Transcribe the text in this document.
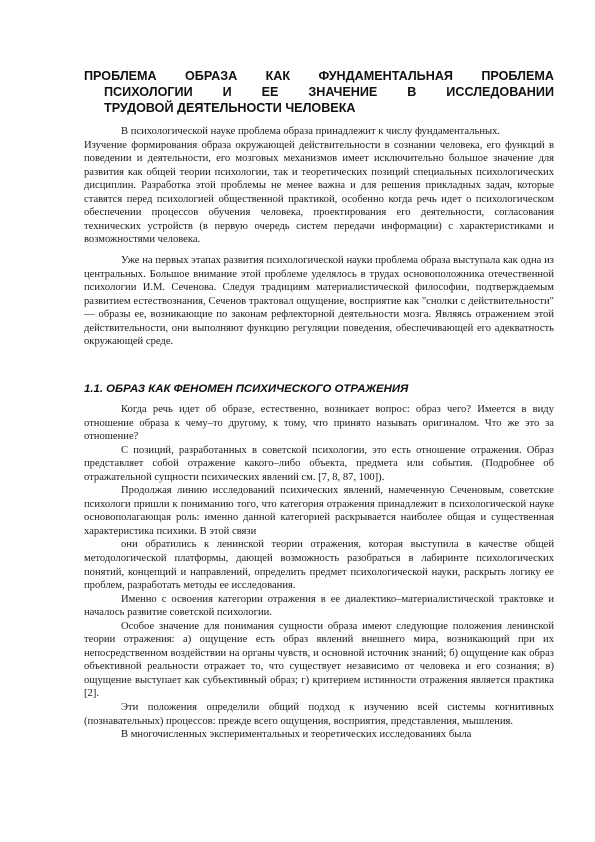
ПРОБЛЕМА ОБРАЗА КАК ФУНДАМЕНТАЛЬНАЯ ПРОБЛЕМА
ПСИХОЛОГИИ И ЕЕ ЗНАЧЕНИЕ В ИССЛЕДОВАНИИ
ТРУДОВОЙ ДЕЯТЕЛЬНОСТИ ЧЕЛОВЕКА

В психологической науке проблема образа принадлежит к числу фундаментальных.

Изучение формирования образа окружающей действительности в сознании человека, его функций в поведении и деятельности, его мозговых механизмов имеет исключительно большое значение для развития как общей теории психологии, так и теоретических позиций специальных психологических дисциплин. Разработка этой проблемы не менее важна и для решения прикладных задач, которые ставятся перед психологией общественной практикой, особенно когда речь идет о психологическом обеспечении процессов обучения человека, проектирования его деятельности, согласования технических устройств (в первую очередь систем передачи информации) с характеристиками и возможностями человека.

Уже на первых этапах развития психологической науки проблема образа выступала как одна из центральных. Большое внимание этой проблеме уделялось в трудах основоположника отечественной психологии И.М. Сеченова. Следуя традициям материалистической философии, подтверждаемым развитием естествознания, Сеченов трактовал ощущение, восприятие как "снолки с действительности" — образы ее, возникающие по законам рефлекторной деятельности мозга. Являясь отражением этой действительности, они выполняют функцию регуляции поведения, обеспечивающей его адекватность окружающей среде.

1.1. ОБРАЗ КАК ФЕНОМЕН ПСИХИЧЕСКОГО ОТРАЖЕНИЯ

Когда речь идет об образе, естественно, возникает вопрос: образ чего? Имеется в виду отношение образа к чему–то другому, к тому, что принято называть оригиналом. Что же это за отношение?

С позиций, разработанных в советской психологии, это есть отношение отражения. Образ представляет собой отражение какого–либо объекта, предмета или события. (Подробнее об отражательной сущности психических явлений см. [7, 8, 87, 100]).

Продолжая линию исследований психических явлений, намеченную Сеченовым, советские психологи пришли к пониманию того, что категория отражения принадлежит в психологической науке основополагающая роль: именно данной категорией раскрывается наиболее общая и существенная характеристика психики. В этой связи

они обратились к ленинской теории отражения, которая выступила в качестве общей методологической платформы, дающей возможность разобраться в лабиринте психологических понятий, концепций и направлений, определить предмет психологической науки, раскрыть логику ее проблем, разработать методы ее исследования.

Именно с освоения категории отражения в ее диалектико–материалистической трактовке и началось развитие советской психологии.

Особое значение для понимания сущности образа имеют следующие положения ленинской теории отражения: а) ощущение есть образ явлений внешнего мира, возникающий при их непосредственном воздействии на органы чувств, и основной источник знаний; б) ощущение как образ объективной реальности отражает то, что существует независимо от человека и его сознания; в) ощущение выступает как субъективный образ; г) критерием истинности отражения является практика [2].

Эти положения определили общий подход к изучению всей системы когнитивных (познавательных) процессов: прежде всего ощущения, восприятия, представления, мышления.

В многочисленных экспериментальных и теоретических исследованиях была
